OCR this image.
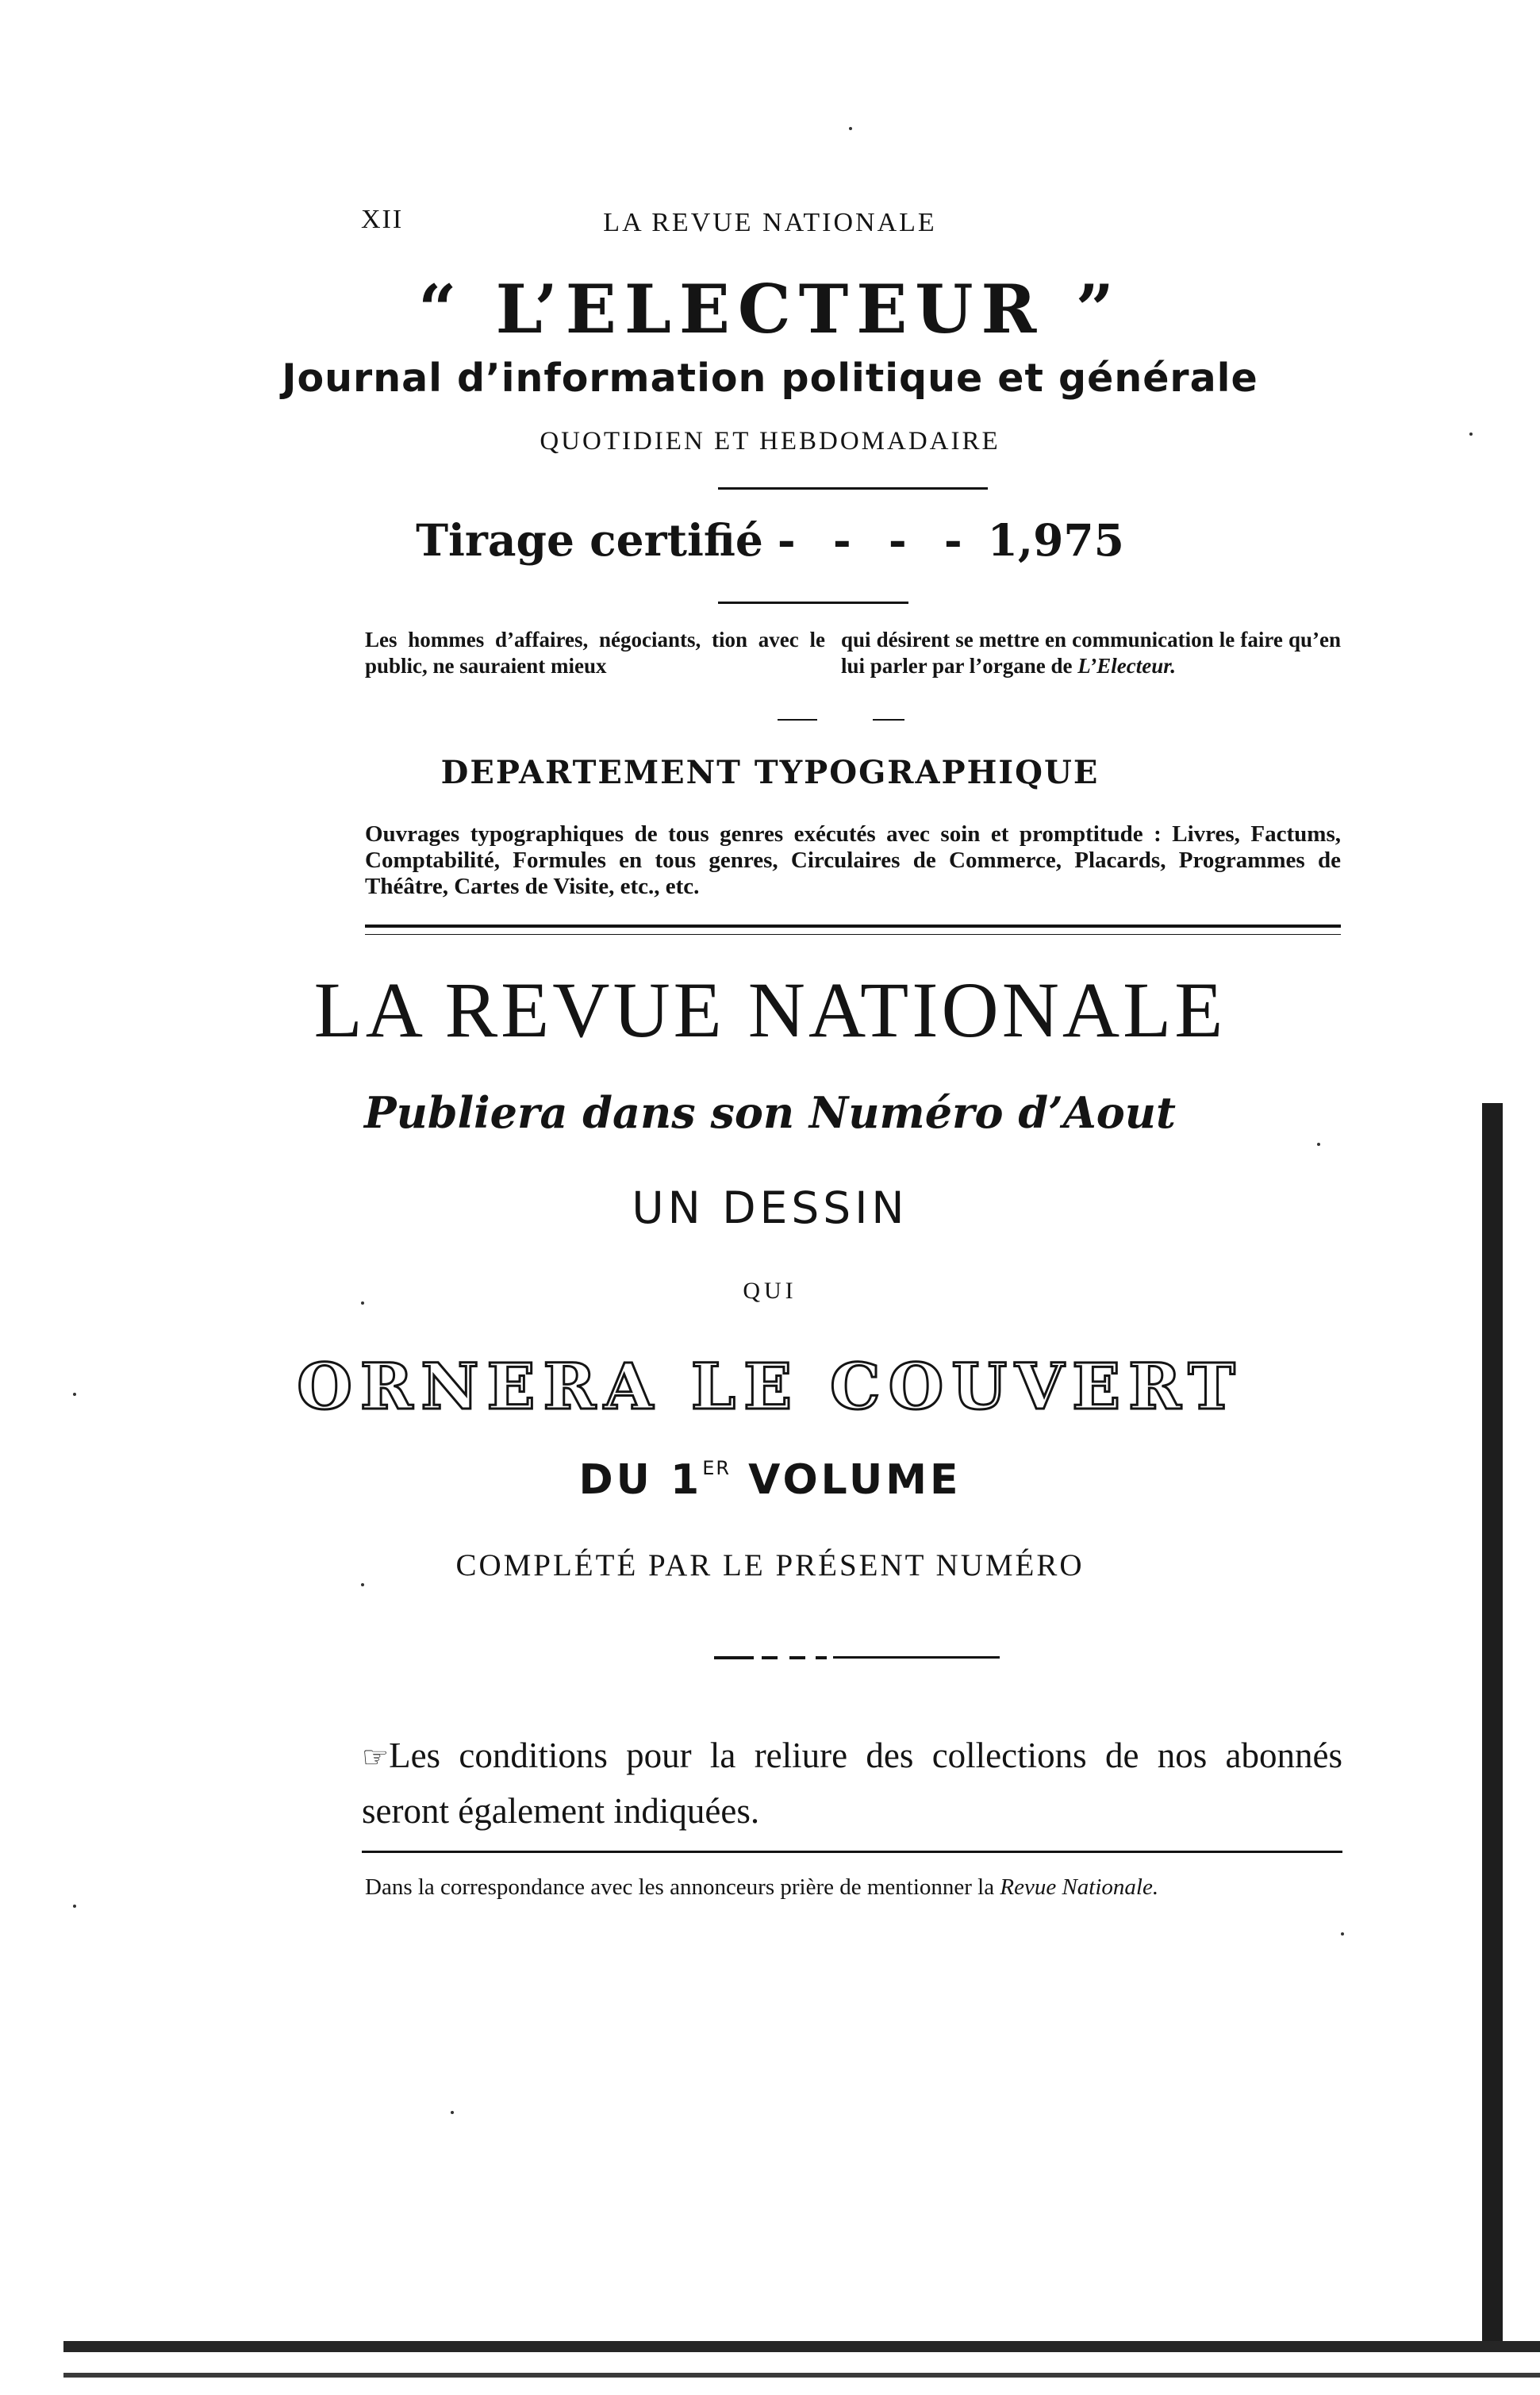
XII	LA REVUE NATIONALE
“ L’ELECTEUR ”
Journal d’information politique et générale
QUOTIDIEN ET HEBDOMADAIRE
Tirage certifié - - - - 1,975
Les hommes d’affaires, négociants, tion avec le public, ne sauraient mieux
qui désirent se mettre en communication le faire qu’en lui parler par l’organe de L’Electeur.
DEPARTEMENT TYPOGRAPHIQUE
Ouvrages typographiques de tous genres exécutés avec soin et promptitude : Livres, Factums, Comptabilité, Formules en tous genres, Circulaires de Commerce, Placards, Programmes de Théâtre, Cartes de Visite, etc., etc.
LA REVUE NATIONALE
Publiera dans son Numéro d’Aout
UN DESSIN
QUI
ORNERA LE COUVERT
DU 1ER VOLUME
COMPLÉTÉ PAR LE PRÉSENT NUMÉRO
☞Les conditions pour la reliure des collections de nos abonnés seront également indiquées.
Dans la correspondance avec les annonceurs prière de mentionner la Revue Nationale.
